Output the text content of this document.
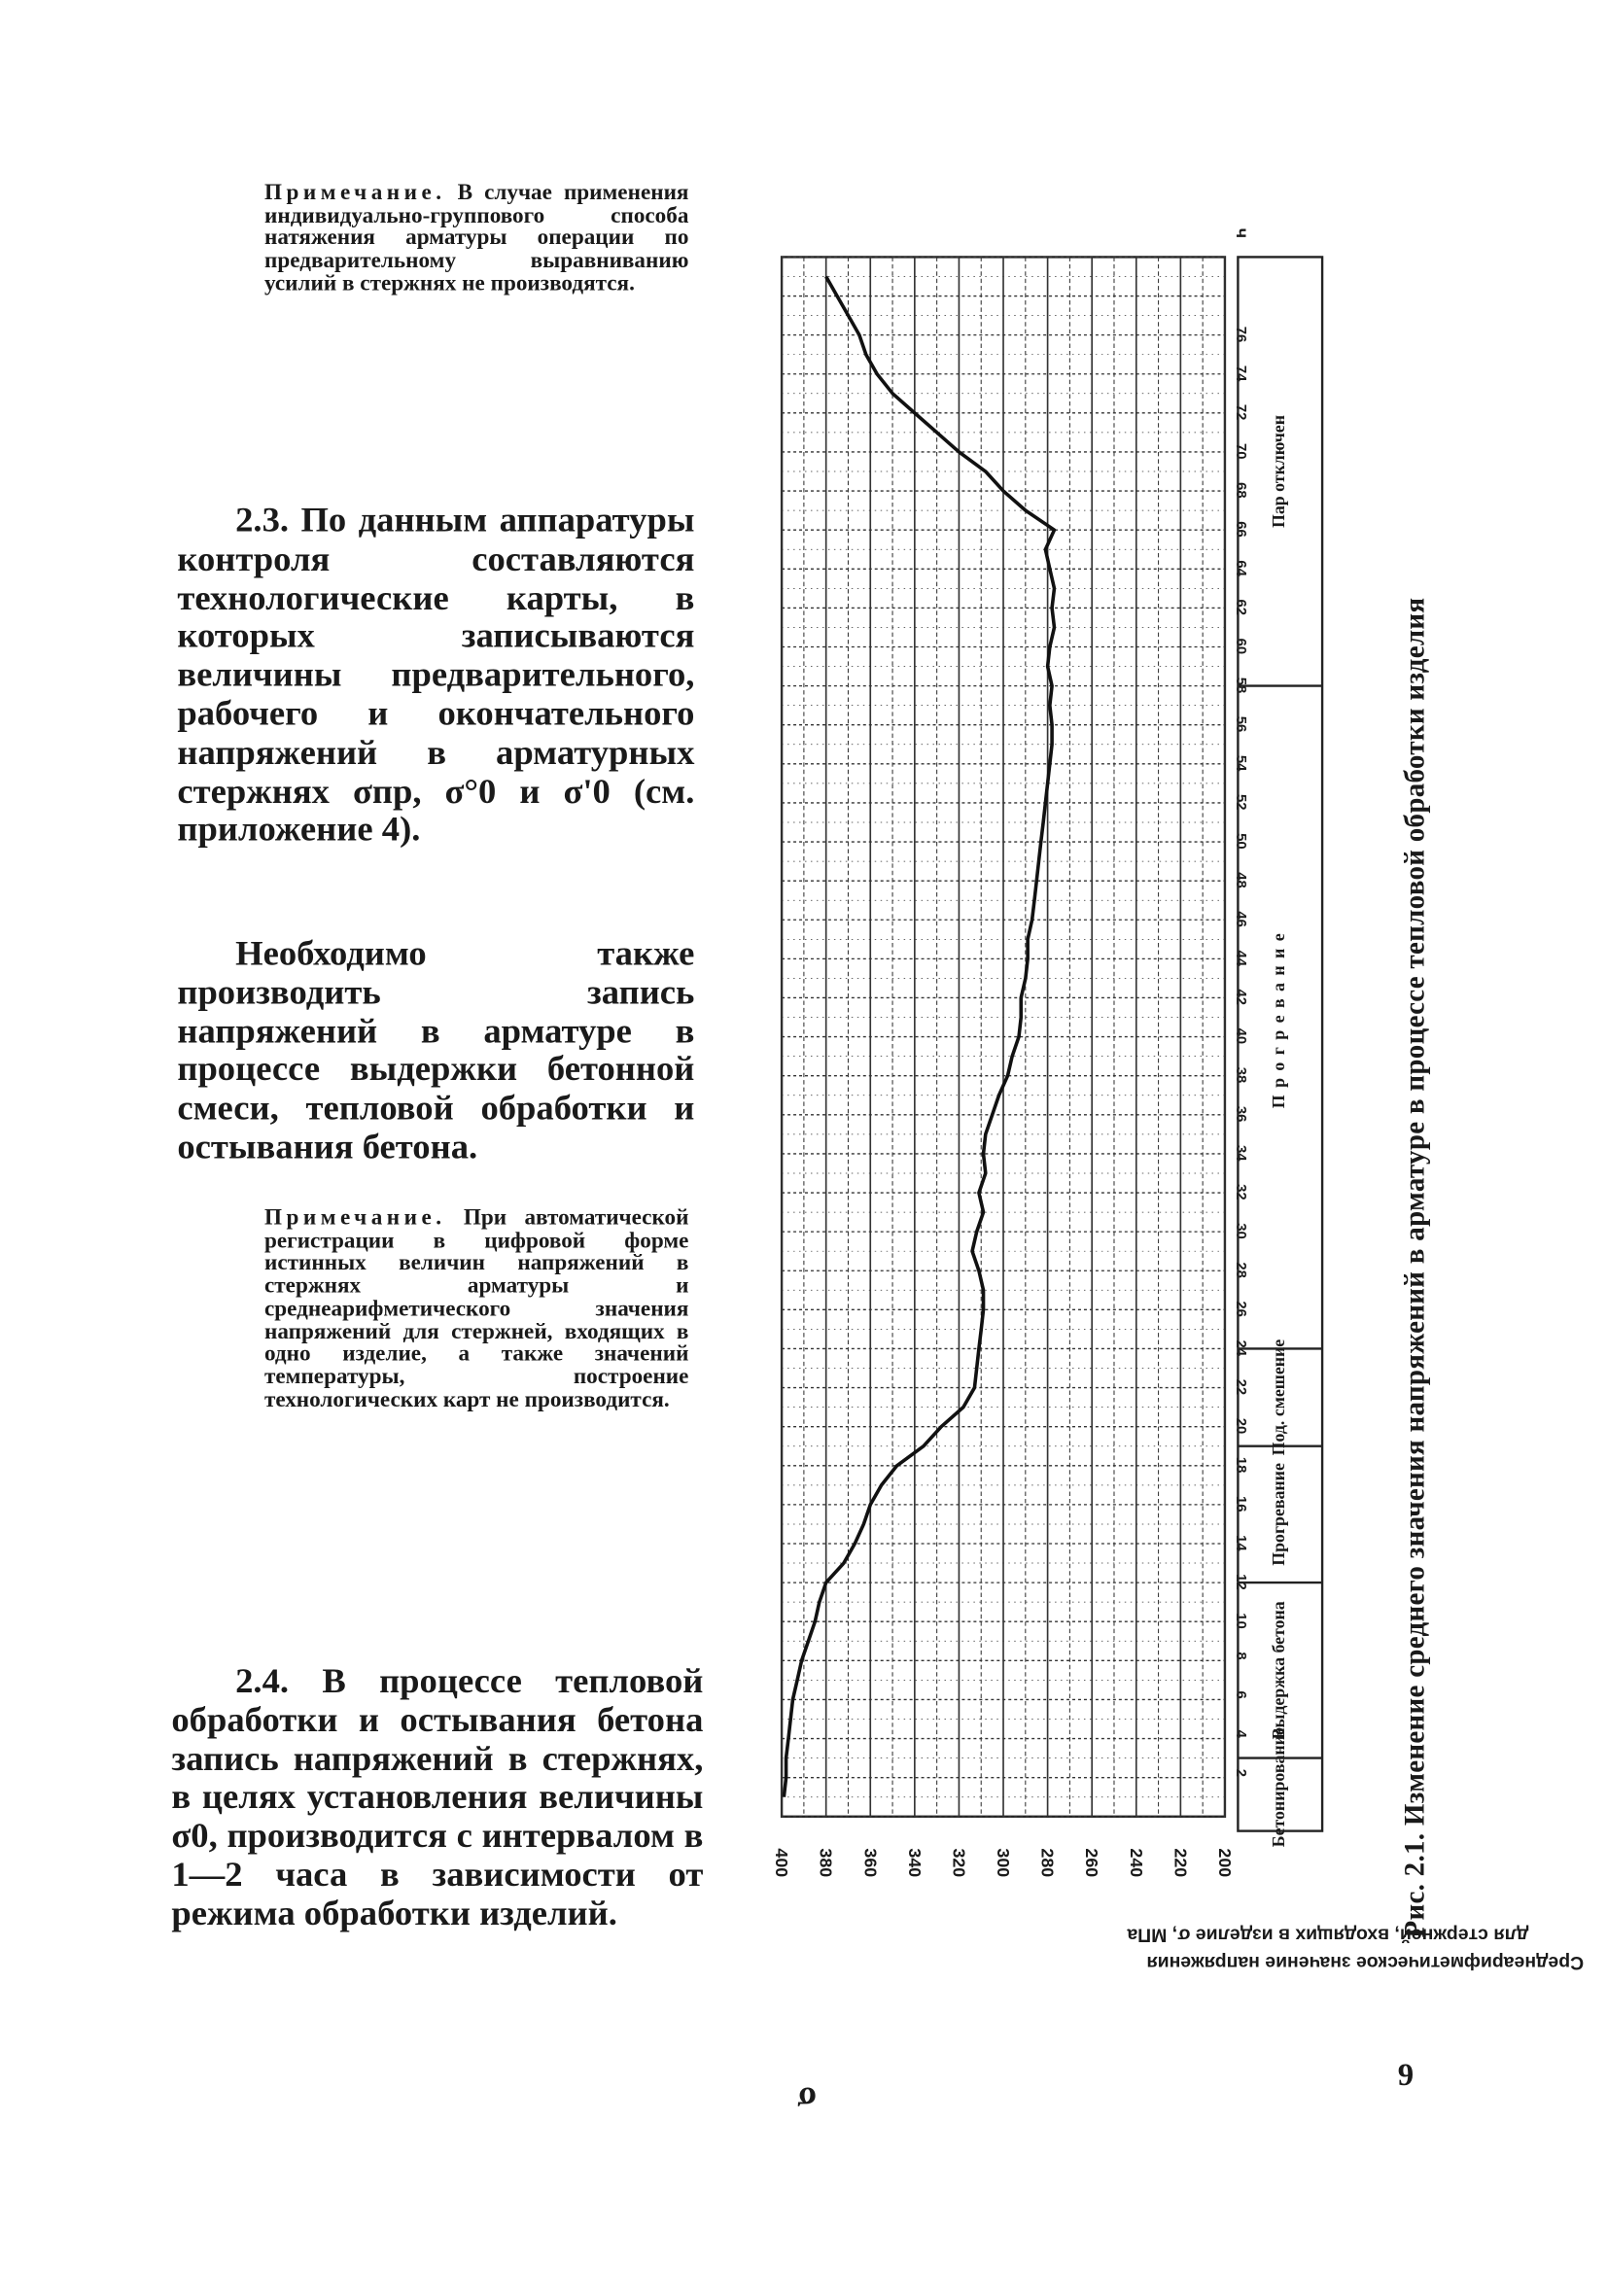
Примечание. В случае применения индивидуально-группового способа натяжения арматуры операции по предварительному выравниванию усилий в стержнях не производятся.
2.3. По данным аппаратуры контроля составляются технологические карты, в которых записываются величины предварительного, рабочего и окончательного напряжений в арматурных стержнях σпр, σ°0 и σ'0 (см. приложение 4).
Необходимо также производить запись напряжений в арматуре в процессе выдержки бетонной смеси, тепловой обработки и остывания бетона.
Примечание. При автоматической регистрации в цифровой форме истинных величин напряжений в стержнях арматуры и среднеарифметического значения напряжений для стержней, входящих в одно изделие, а также значений температуры, построение технологических карт не производится.
2.4. В процессе тепловой обработки и остывания бетона запись напряжений в стержнях, в целях установления величины σ0, производится с интервалом в 1—2 часа в зависимости от режима обработки изделий.
400 380 360 340 320 300 280 260 240 220 200
2
4
6
8
10
12
14
16
18
20
22
24
26
28
30
32
34
36
38
40
42
44
46
48
50
52
54
56
58
60
62
64
66
68
70
72
74
76
ч
Бетонирование
Выдержка бетона
Прогревание
Под. смешение
Прогревание
Пар отключен
σ
Среднеарифметическое значение напряжения
для стержней, входящих в изделие σ, МПа
Рис. 2.1. Изменение среднего значения напряжений в арматуре в процессе тепловой обработки изделия
9
